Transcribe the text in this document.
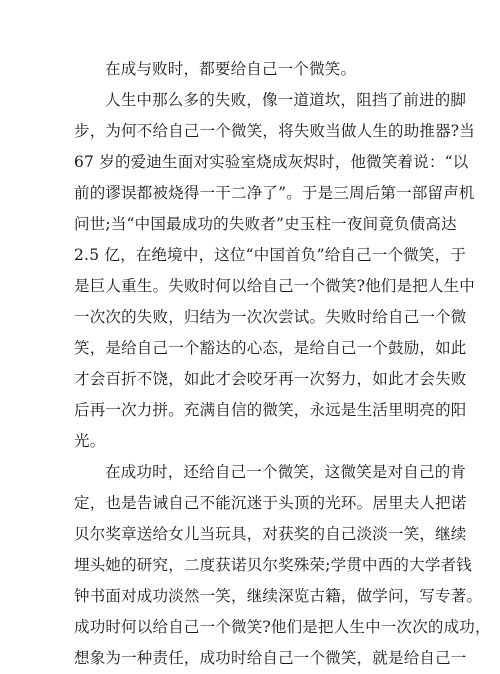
在成与败时，都要给自己一个微笑。
人生中那么多的失败，像一道道坎，阻挡了前进的脚
步，为何不给自己一个微笑，将失败当做人生的助推器?当
67 岁的爱迪生面对实验室烧成灰烬时，他微笑着说：“以
前的谬误都被烧得一干二净了”。于是三周后第一部留声机
问世;当“中国最成功的失败者”史玉柱一夜间竟负债高达
2.5 亿，在绝境中，这位“中国首负”给自己一个微笑，于
是巨人重生。失败时何以给自己一个微笑?他们是把人生中
一次次的失败，归结为一次次尝试。失败时给自己一个微
笑，是给自己一个豁达的心态，是给自己一个鼓励，如此
才会百折不饶，如此才会咬牙再一次努力，如此才会失败
后再一次力拼。充满自信的微笑，永远是生活里明亮的阳
光。
在成功时，还给自己一个微笑，这微笑是对自己的肯
定，也是告诫自己不能沉迷于头顶的光环。居里夫人把诺
贝尔奖章送给女儿当玩具，对获奖的自己淡淡一笑，继续
埋头她的研究，二度获诺贝尔奖殊荣;学贯中西的大学者钱
钟书面对成功淡然一笑，继续深览古籍，做学问，写专著。
成功时何以给自己一个微笑?他们是把人生中一次次的成功，
想象为一种责任，成功时给自己一个微笑，就是给自己一
